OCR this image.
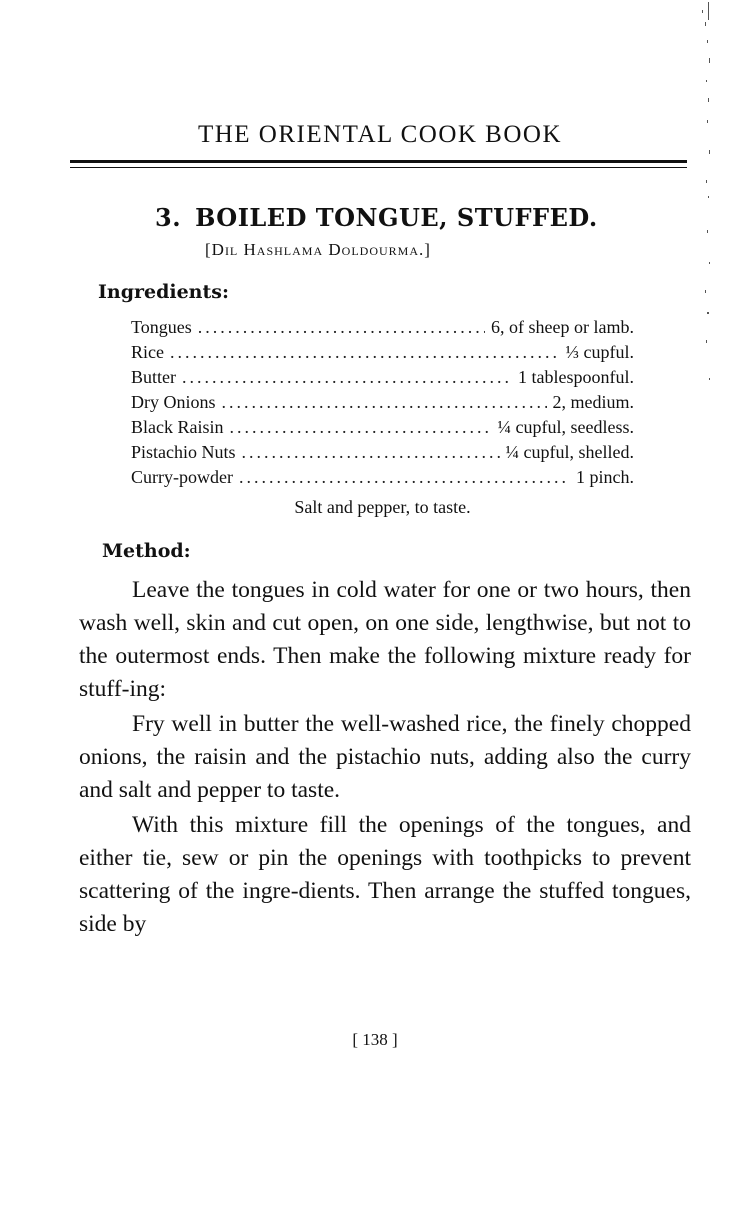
THE ORIENTAL COOK BOOK
3. BOILED TONGUE, STUFFED.
[Dil Hashlama Doldourma.]
Ingredients:
Tongues .....	6, of sheep or lamb.
Rice .....	⅓ cupful.
Butter .....	1 tablespoonful.
Dry Onions .....	2, medium.
Black Raisin .....	¼ cupful, seedless.
Pistachio Nuts .....	¼ cupful, shelled.
Curry-powder .....	1 pinch.
Salt and pepper, to taste.
Method:

Leave the tongues in cold water for one or two hours, then wash well, skin and cut open, on one side, lengthwise, but not to the outermost ends. Then make the following mixture ready for stuff-ing:

Fry well in butter the well-washed rice, the finely chopped onions, the raisin and the pistachio nuts, adding also the curry and salt and pepper to taste.

With this mixture fill the openings of the tongues, and either tie, sew or pin the openings with toothpicks to prevent scattering of the ingre-dients. Then arrange the stuffed tongues, side by

[ 138 ]
